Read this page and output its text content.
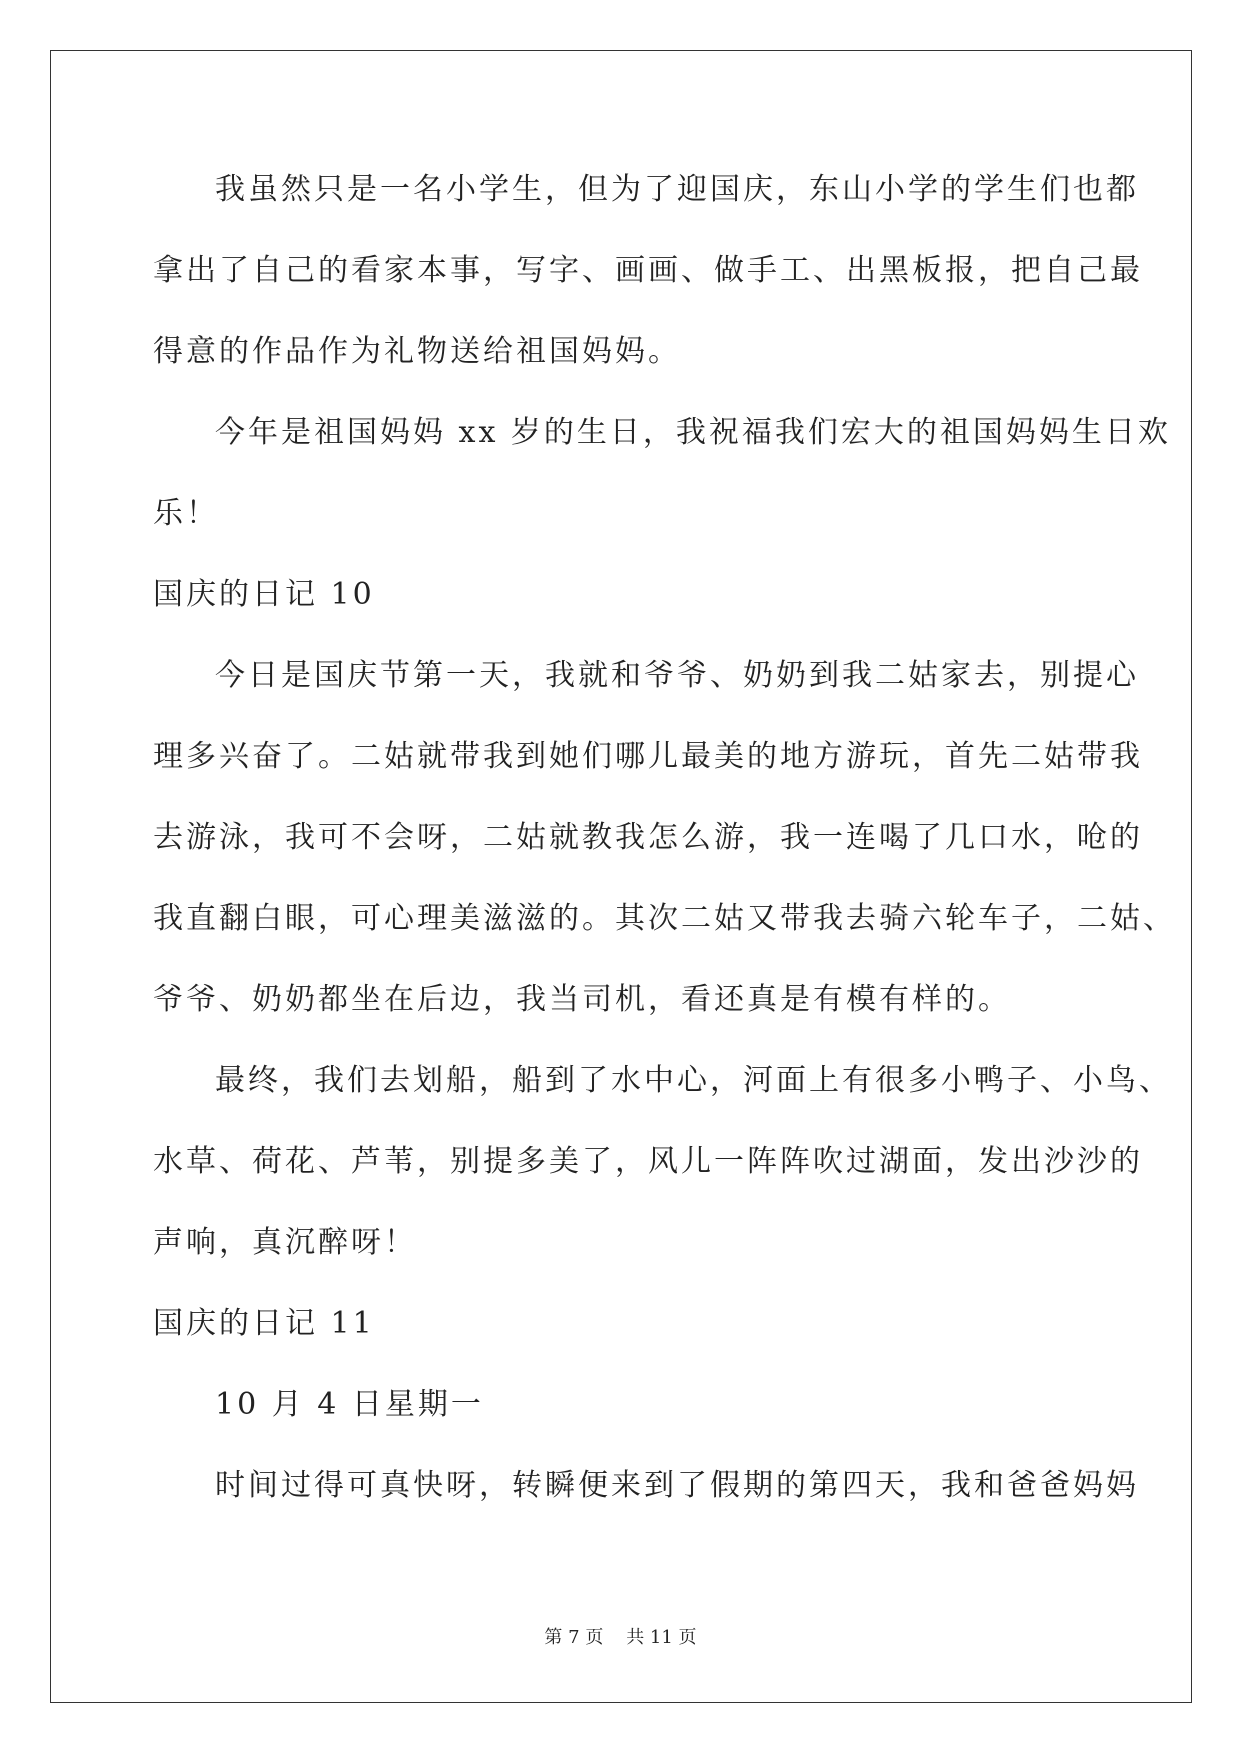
我虽然只是一名小学生，但为了迎国庆，东山小学的学生们也都
拿出了自己的看家本事，写字、画画、做手工、出黑板报，把自己最
得意的作品作为礼物送给祖国妈妈。
今年是祖国妈妈 xx 岁的生日，我祝福我们宏大的祖国妈妈生日欢
乐！
国庆的日记 10
今日是国庆节第一天，我就和爷爷、奶奶到我二姑家去，别提心
理多兴奋了。二姑就带我到她们哪儿最美的地方游玩，首先二姑带我
去游泳，我可不会呀，二姑就教我怎么游，我一连喝了几口水，呛的
我直翻白眼，可心理美滋滋的。其次二姑又带我去骑六轮车子，二姑、
爷爷、奶奶都坐在后边，我当司机，看还真是有模有样的。
最终，我们去划船，船到了水中心，河面上有很多小鸭子、小鸟、
水草、荷花、芦苇，别提多美了，风儿一阵阵吹过湖面，发出沙沙的
声响，真沉醉呀！
国庆的日记 11
10 月 4 日星期一
时间过得可真快呀，转瞬便来到了假期的第四天，我和爸爸妈妈
第 7 页    共 11 页
